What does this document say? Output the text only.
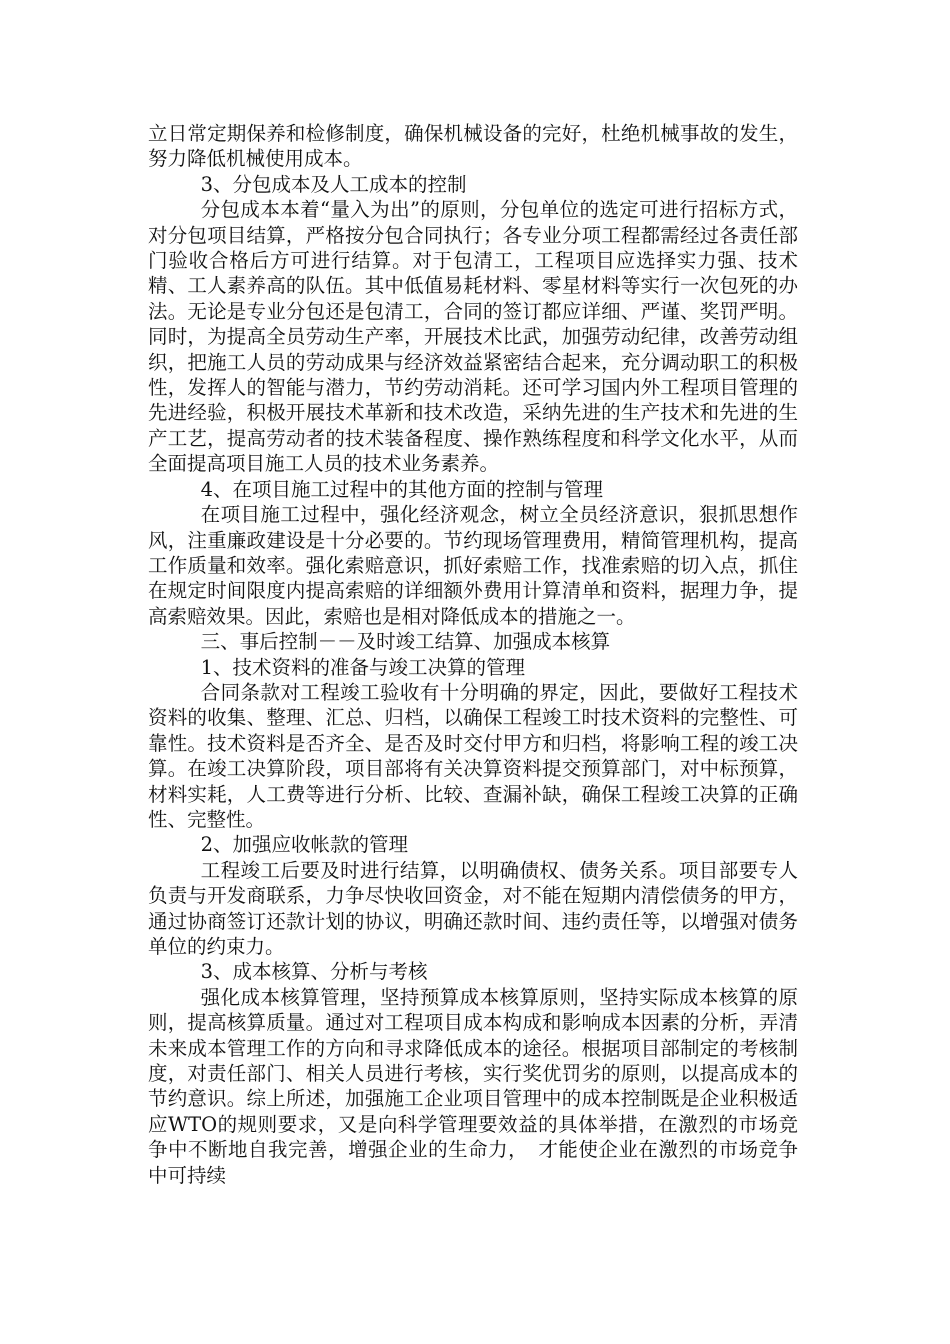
立日常定期保养和检修制度，确保机械设备的完好，杜绝机械事故的发生，努力降低机械使用成本。

3、分包成本及人工成本的控制

分包成本本着“量入为出”的原则，分包单位的选定可进行招标方式，对分包项目结算，严格按分包合同执行；各专业分项工程都需经过各责任部门验收合格后方可进行结算。对于包清工，工程项目应选择实力强、技术精、工人素养高的队伍。其中低值易耗材料、零星材料等实行一次包死的办法。无论是专业分包还是包清工，合同的签订都应详细、严谨、奖罚严明。同时，为提高全员劳动生产率，开展技术比武，加强劳动纪律，改善劳动组织，把施工人员的劳动成果与经济效益紧密结合起来，充分调动职工的积极性，发挥人的智能与潜力，节约劳动消耗。还可学习国内外工程项目管理的先进经验，积极开展技术革新和技术改造，采纳先进的生产技术和先进的生产工艺，提高劳动者的技术装备程度、操作熟练程度和科学文化水平，从而全面提高项目施工人员的技术业务素养。

4、在项目施工过程中的其他方面的控制与管理

在项目施工过程中，强化经济观念，树立全员经济意识，狠抓思想作风，注重廉政建设是十分必要的。节约现场管理费用，精简管理机构，提高工作质量和效率。强化索赔意识，抓好索赔工作，找准索赔的切入点，抓住在规定时间限度内提高索赔的详细额外费用计算清单和资料，据理力争，提高索赔效果。因此，索赔也是相对降低成本的措施之一。

三、事后控制－－及时竣工结算、加强成本核算

1、技术资料的准备与竣工决算的管理

合同条款对工程竣工验收有十分明确的界定，因此，要做好工程技术资料的收集、整理、汇总、归档，以确保工程竣工时技术资料的完整性、可靠性。技术资料是否齐全、是否及时交付甲方和归档，将影响工程的竣工决算。在竣工决算阶段，项目部将有关决算资料提交预算部门，对中标预算，材料实耗，人工费等进行分析、比较、查漏补缺，确保工程竣工决算的正确性、完整性。

2、加强应收帐款的管理

工程竣工后要及时进行结算，以明确债权、债务关系。项目部要专人负责与开发商联系，力争尽快收回资金，对不能在短期内清偿债务的甲方，通过协商签订还款计划的协议，明确还款时间、违约责任等，以增强对债务单位的约束力。

3、成本核算、分析与考核

强化成本核算管理，坚持预算成本核算原则，坚持实际成本核算的原则，提高核算质量。通过对工程项目成本构成和影响成本因素的分析，弄清未来成本管理工作的方向和寻求降低成本的途径。根据项目部制定的考核制度，对责任部门、相关人员进行考核，实行奖优罚劣的原则，以提高成本的节约意识。综上所述，加强施工企业项目管理中的成本控制既是企业积极适应WTO的规则要求，又是向科学管理要效益的具体举措，在激烈的市场竞争中不断地自我完善，增强企业的生命力，　才能使企业在激烈的市场竞争中可持续
